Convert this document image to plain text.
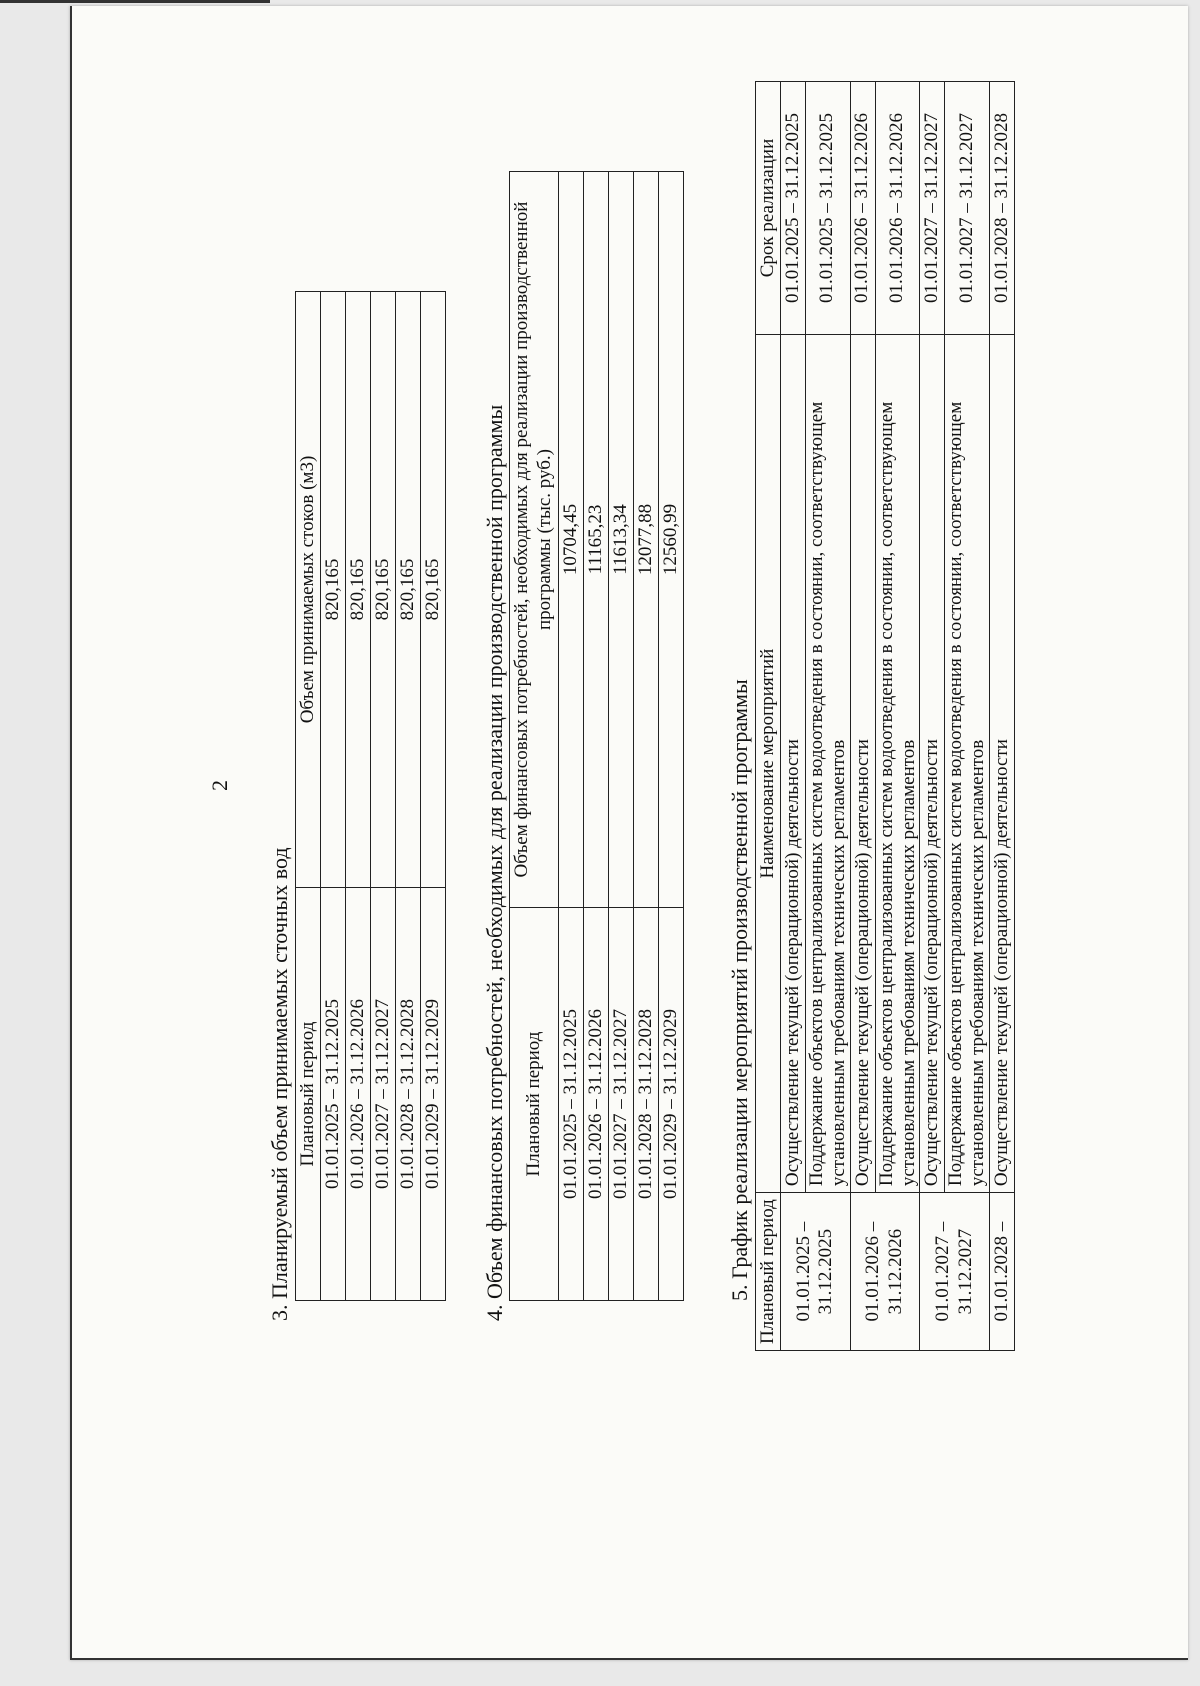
2
3. Планируемый объем принимаемых сточных вод Плановый период	Объем принимаемых стоков (м3)
01.01.2025 – 31.12.2025	820,165
01.01.2026 – 31.12.2026	820,165
01.01.2027 – 31.12.2027	820,165
01.01.2028 – 31.12.2028	820,165
01.01.2029 – 31.12.2029	820,165 4. Объем финансовых потребностей, необходимых для реализации производственной программы Плановый период	Объем финансовых потребностей, необходимых для реализации производственной программы (тыс. руб.)
01.01.2025 – 31.12.2025	10704,45
01.01.2026 – 31.12.2026	11165,23
01.01.2027 – 31.12.2027	11613,34
01.01.2028 – 31.12.2028	12077,88
01.01.2029 – 31.12.2029	12560,99
5. График реализации мероприятий производственной программы Плановый период	Наименование мероприятий	Срок реализации
01.01.2025 – 31.12.2025	Осуществление текущей (операционной) деятельности	01.01.2025 – 31.12.2025
	Поддержание объектов централизованных систем водоотведения в состоянии, соответствующем установленным требованиям технических регламентов	01.01.2025 – 31.12.2025
01.01.2026 – 31.12.2026	Осуществление текущей (операционной) деятельности	01.01.2026 – 31.12.2026
	Поддержание объектов централизованных систем водоотведения в состоянии, соответствующем установленным требованиям технических регламентов	01.01.2026 – 31.12.2026
01.01.2027 – 31.12.2027	Осуществление текущей (операционной) деятельности	01.01.2027 – 31.12.2027
	Поддержание объектов централизованных систем водоотведения в состоянии, соответствующем установленным требованиям технических регламентов	01.01.2027 – 31.12.2027
01.01.2028 –	Осуществление текущей (операционной) деятельности	01.01.2028 – 31.12.2028
